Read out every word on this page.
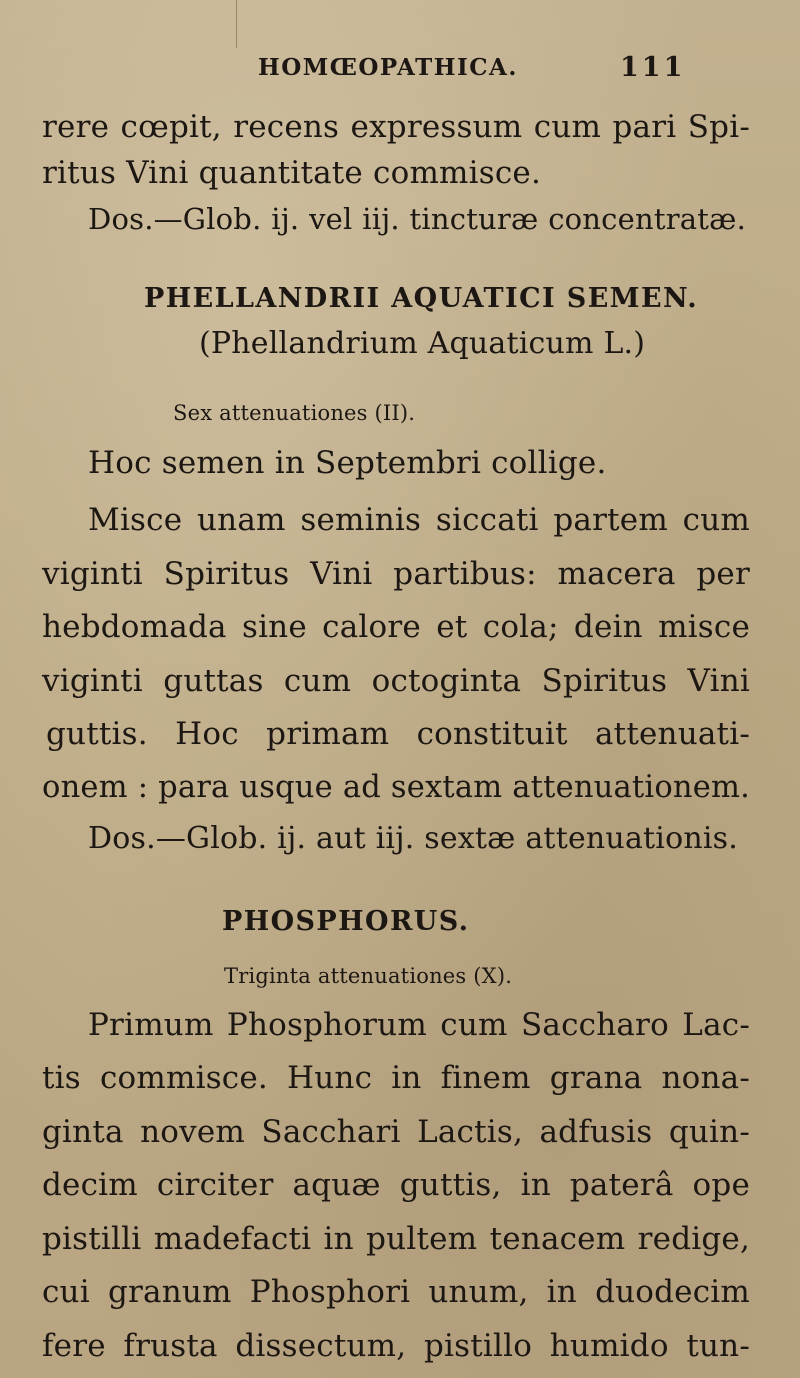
HOMŒOPATHICA.	111
rere cœpit, recens expressum cum pari Spi-
ritus Vini quantitate commisce.
Dos.—Glob. ij. vel iij. tincturæ concentratæ.
PHELLANDRII AQUATICI SEMEN.
(Phellandrium Aquaticum L.)
Sex attenuationes (II).
Hoc semen in Septembri collige.
Misce unam seminis siccati partem cum
viginti Spiritus Vini partibus: macera per
hebdomada sine calore et cola; dein misce
viginti guttas cum octoginta Spiritus Vini
guttis. Hoc primam constituit attenuati-
onem : para usque ad sextam attenuationem.
Dos.—Glob. ij. aut iij. sextæ attenuationis.
PHOSPHORUS.
Triginta attenuationes (X).
Primum Phosphorum cum Saccharo Lac-
tis commisce. Hunc in finem grana nona-
ginta novem Sacchari Lactis, adfusis quin-
decim circiter aquæ guttis, in paterâ ope
pistilli madefacti in pultem tenacem redige,
cui granum Phosphori unum, in duodecim
fere frusta dissectum, pistillo humido tun-
